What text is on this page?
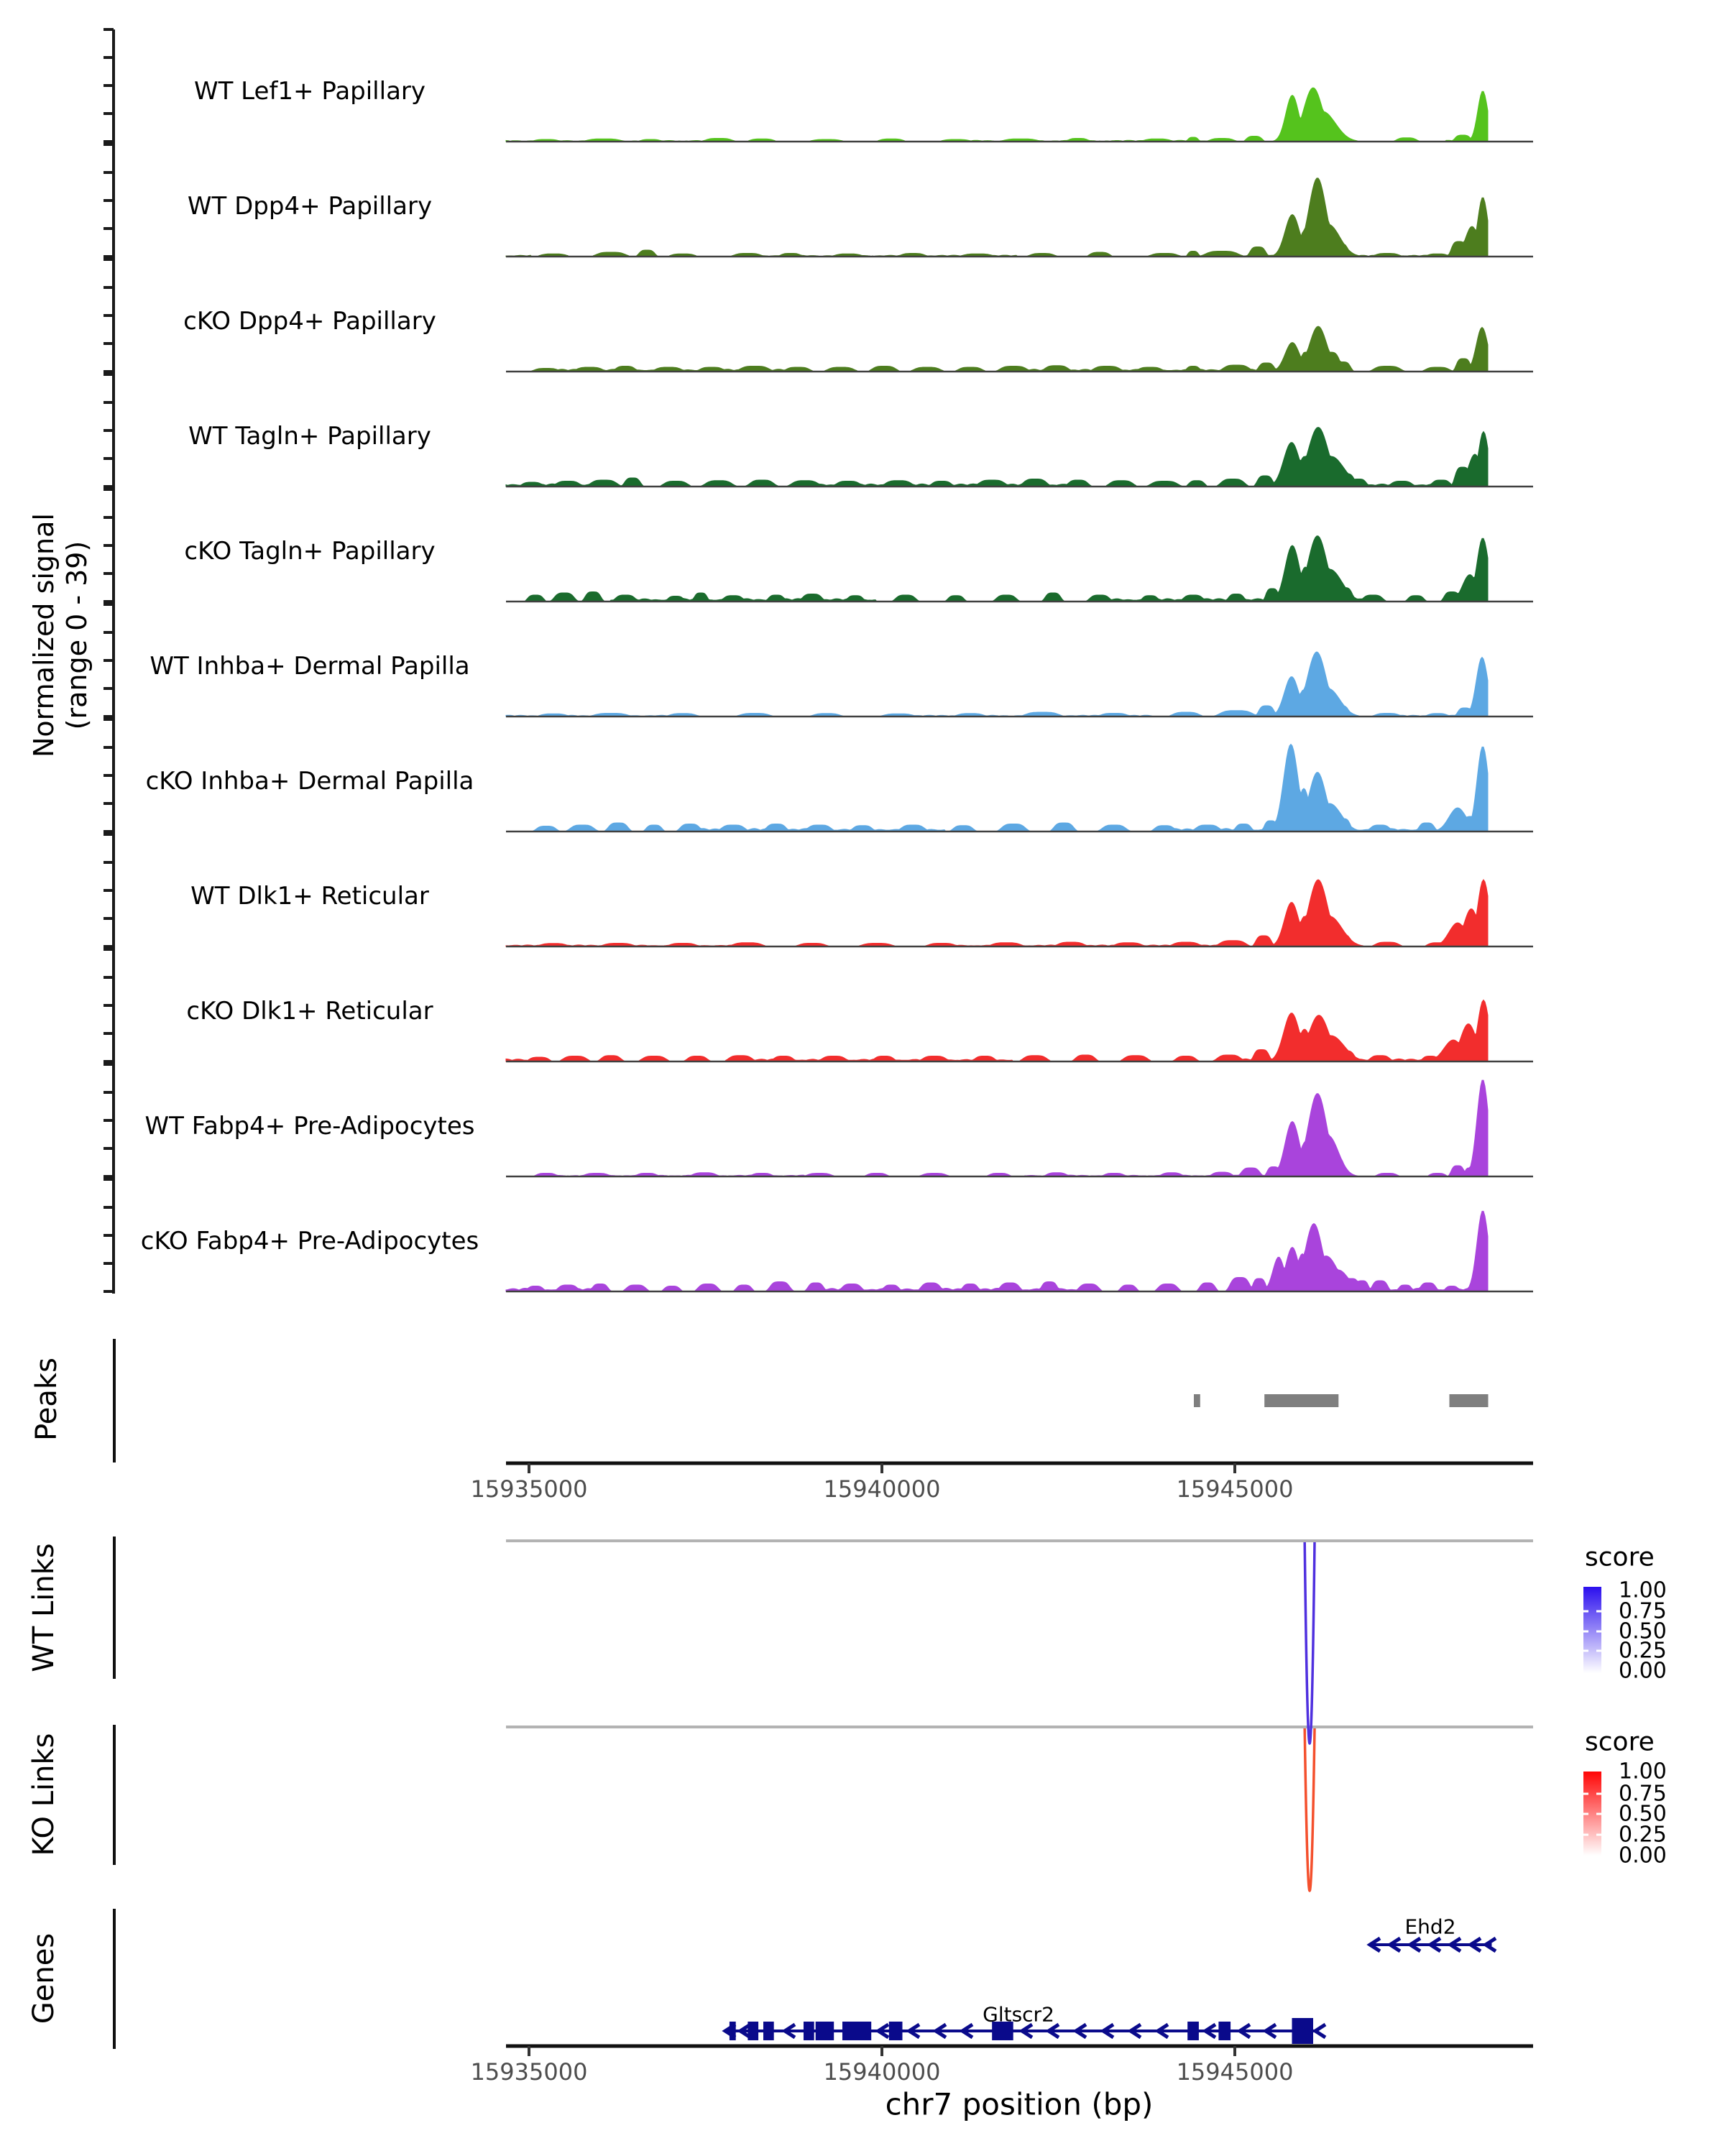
Normalized signal (range 0 - 39)
WT Lef1+ Papillary
WT Dpp4+ Papillary
cKO Dpp4+ Papillary
WT Tagln+ Papillary
cKO Tagln+ Papillary
WT Inhba+ Dermal Papilla
cKO Inhba+ Dermal Papilla
WT Dlk1+ Reticular
cKO Dlk1+ Reticular
WT Fabp4+ Pre-Adipocytes
cKO Fabp4+ Pre-Adipocytes
Peaks
WT Links
KO Links
Genes
15935000	15940000	15945000
score
1.00
0.75
0.50
0.25
0.00
score
1.00
0.75
0.50
0.25
0.00
Ehd2
Gltscr2
15935000	15940000	15945000
chr7 position (bp)
